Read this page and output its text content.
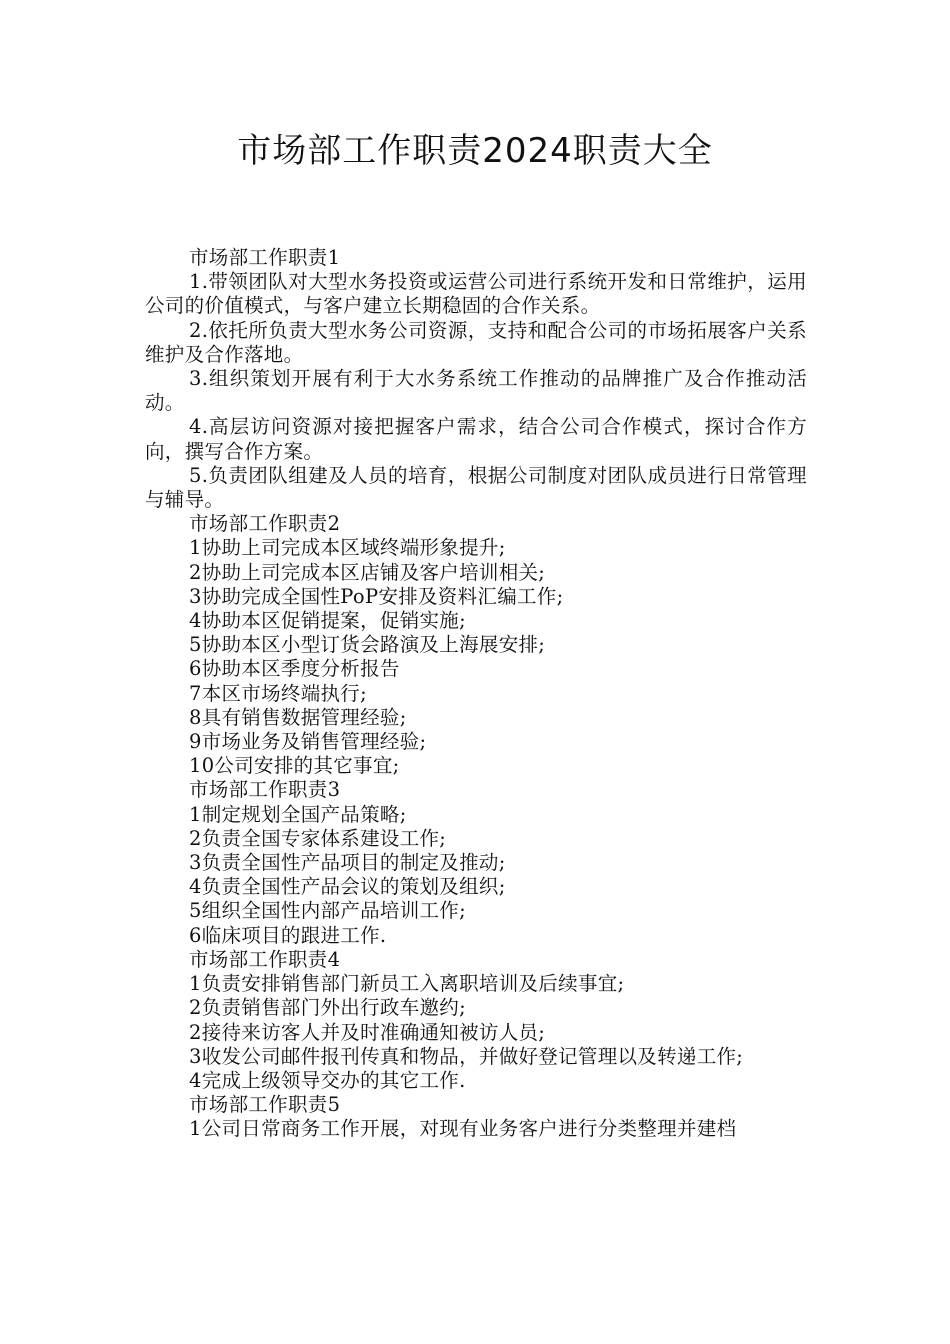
市场部工作职责2024职责大全

市场部工作职责1

1.带领团队对大型水务投资或运营公司进行系统开发和日常维护，运用公司的价值模式，与客户建立长期稳固的合作关系。

2.依托所负责大型水务公司资源，支持和配合公司的市场拓展客户关系维护及合作落地。

3.组织策划开展有利于大水务系统工作推动的品牌推广及合作推动活动。

4.高层访问资源对接把握客户需求，结合公司合作模式，探讨合作方向，撰写合作方案。

5.负责团队组建及人员的培育，根据公司制度对团队成员进行日常管理与辅导。

市场部工作职责2

1协助上司完成本区域终端形象提升;

2协助上司完成本区店铺及客户培训相关;

3协助完成全国性PoP安排及资料汇编工作;

4协助本区促销提案，促销实施;

5协助本区小型订货会路演及上海展安排;

6协助本区季度分析报告

7本区市场终端执行;

8具有销售数据管理经验;

9市场业务及销售管理经验;

10公司安排的其它事宜;

市场部工作职责3

1制定规划全国产品策略;

2负责全国专家体系建设工作;

3负责全国性产品项目的制定及推动;

4负责全国性产品会议的策划及组织;

5组织全国性内部产品培训工作;

6临床项目的跟进工作.

市场部工作职责4

1负责安排销售部门新员工入离职培训及后续事宜;

2负责销售部门外出行政车邀约;

2接待来访客人并及时准确通知被访人员;

3收发公司邮件报刊传真和物品，并做好登记管理以及转递工作;

4完成上级领导交办的其它工作.

市场部工作职责5

1公司日常商务工作开展，对现有业务客户进行分类整理并建档
